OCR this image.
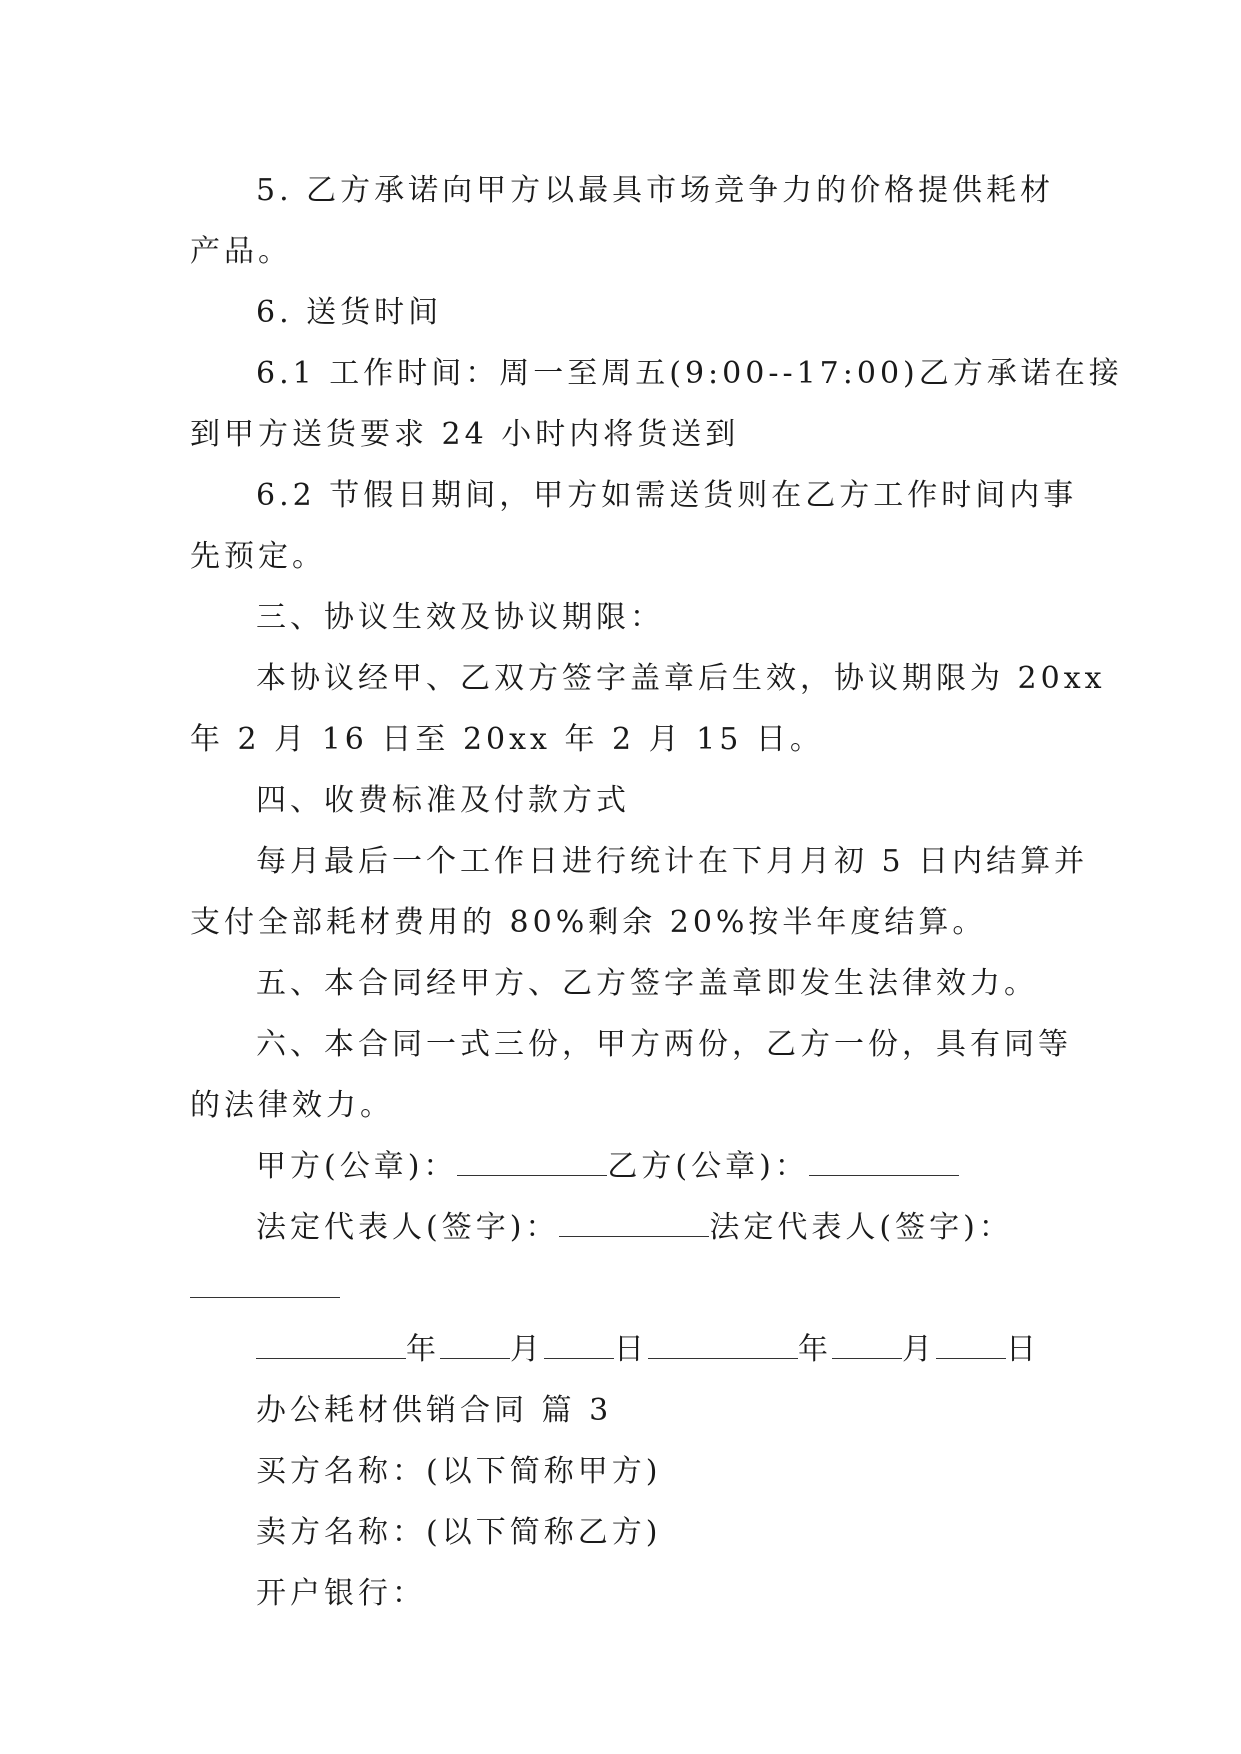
5. 乙方承诺向甲方以最具市场竞争力的价格提供耗材
产品。
6. 送货时间
6.1 工作时间：周一至周五(9:00--17:00)乙方承诺在接
到甲方送货要求 24 小时内将货送到
6.2 节假日期间，甲方如需送货则在乙方工作时间内事
先预定。
三、协议生效及协议期限：
本协议经甲、乙双方签字盖章后生效，协议期限为 20xx
年 2 月 16 日至 20xx 年 2 月 15 日。
四、收费标准及付款方式
每月最后一个工作日进行统计在下月月初 5 日内结算并
支付全部耗材费用的 80%剩余 20%按半年度结算。
五、本合同经甲方、乙方签字盖章即发生法律效力。
六、本合同一式三份，甲方两份，乙方一份，具有同等
的法律效力。
甲方(公章)：	乙方(公章)：
法定代表人(签字)：	法定代表人(签字)：
年 月 日	年 月 日
办公耗材供销合同 篇 3
买方名称：(以下简称甲方)
卖方名称：(以下简称乙方)
开户银行：
